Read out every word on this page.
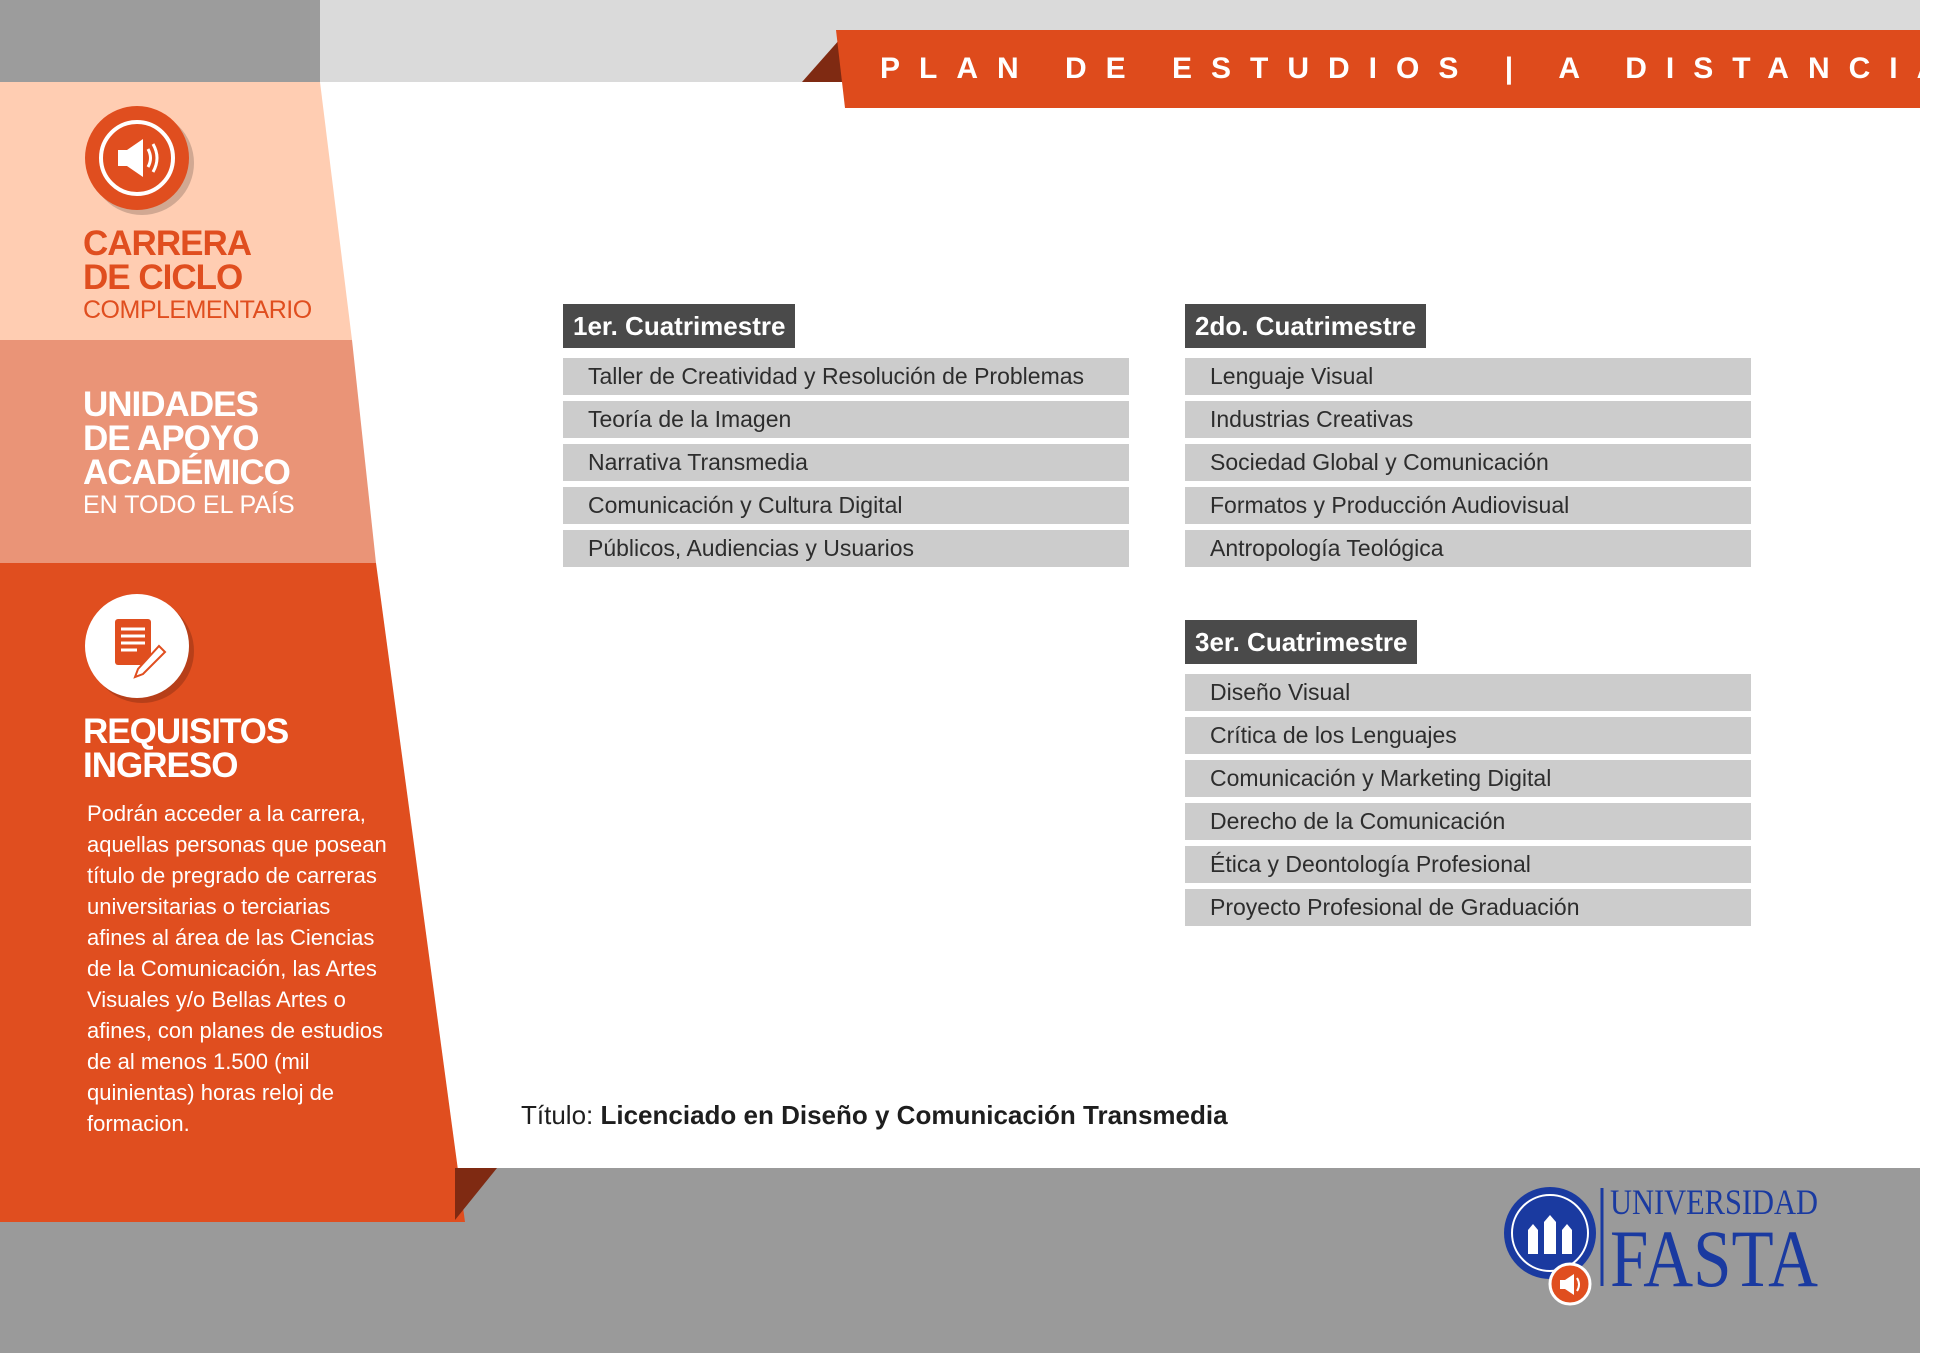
PLAN DE ESTUDIOS | A DISTANCIA
CARRERA
DE CICLO
COMPLEMENTARIO
UNIDADES
DE APOYO
ACADÉMICO
EN TODO EL PAÍS
REQUISITOS
INGRESO
Podrán acceder a la carrera,
aquellas personas que posean
título de pregrado de carreras
universitarias o terciarias
afines al área de las Ciencias
de la Comunicación, las Artes
Visuales y/o Bellas Artes o
afines, con planes de estudios
de al menos 1.500 (mil
quinientas) horas reloj de
formacion.
1er. Cuatrimestre
Taller de Creatividad y Resolución de Problemas
Teoría de la Imagen
Narrativa Transmedia
Comunicación y Cultura Digital
Públicos, Audiencias y Usuarios
2do. Cuatrimestre
Lenguaje Visual
Industrias Creativas
Sociedad Global y Comunicación
Formatos y Producción Audiovisual
Antropología Teológica
3er. Cuatrimestre
Diseño Visual
Crítica de los Lenguajes
Comunicación y Marketing Digital
Derecho de la Comunicación
Ética y Deontología Profesional
Proyecto Profesional de Graduación
Título: Licenciado en Diseño y Comunicación Transmedia
UNIVERSIDAD
FASTA
